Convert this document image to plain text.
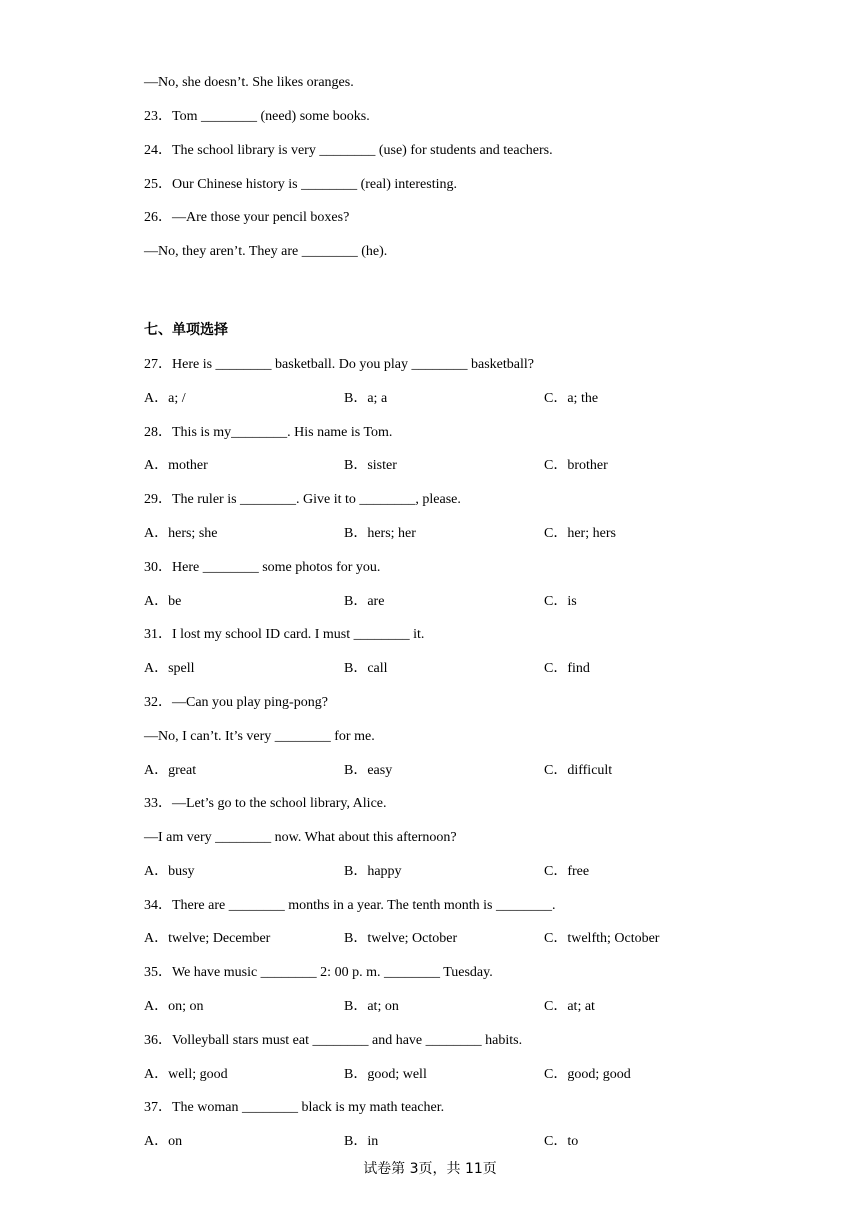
—No, she doesn’t. She likes oranges.
23．Tom ________ (need) some books.
24．The school library is very ________ (use) for students and teachers.
25．Our Chinese history is ________ (real) interesting.
26．—Are those your pencil boxes?
—No, they aren’t. They are ________ (he).
七、单项选择
27．Here is ________ basketball. Do you play ________ basketball?
A．a; /	B．a; a	C．a; the
28．This is my________. His name is Tom.
A．mother	B．sister	C．brother
29．The ruler is ________. Give it to ________, please.
A．hers; she	B．hers; her	C．her; hers
30．Here ________ some photos for you.
A．be	B．are	C．is
31．I lost my school ID card. I must ________ it.
A．spell	B．call	C．find
32．—Can you play ping-pong?
—No, I can’t. It’s very ________ for me.
A．great	B．easy	C．difficult
33．—Let’s go to the school library, Alice.
—I am very ________ now. What about this afternoon?
A．busy	B．happy	C．free
34．There are ________ months in a year. The tenth month is ________.
A．twelve; December	B．twelve; October	C．twelfth; October
35．We have music ________ 2: 00 p. m. ________ Tuesday.
A．on; on	B．at; on	C．at; at
36．Volleyball stars must eat ________ and have ________ habits.
A．well; good	B．good; well	C．good; good
37．The woman ________ black is my math teacher.
A．on	B．in	C．to
试卷第 3页，共 11页
